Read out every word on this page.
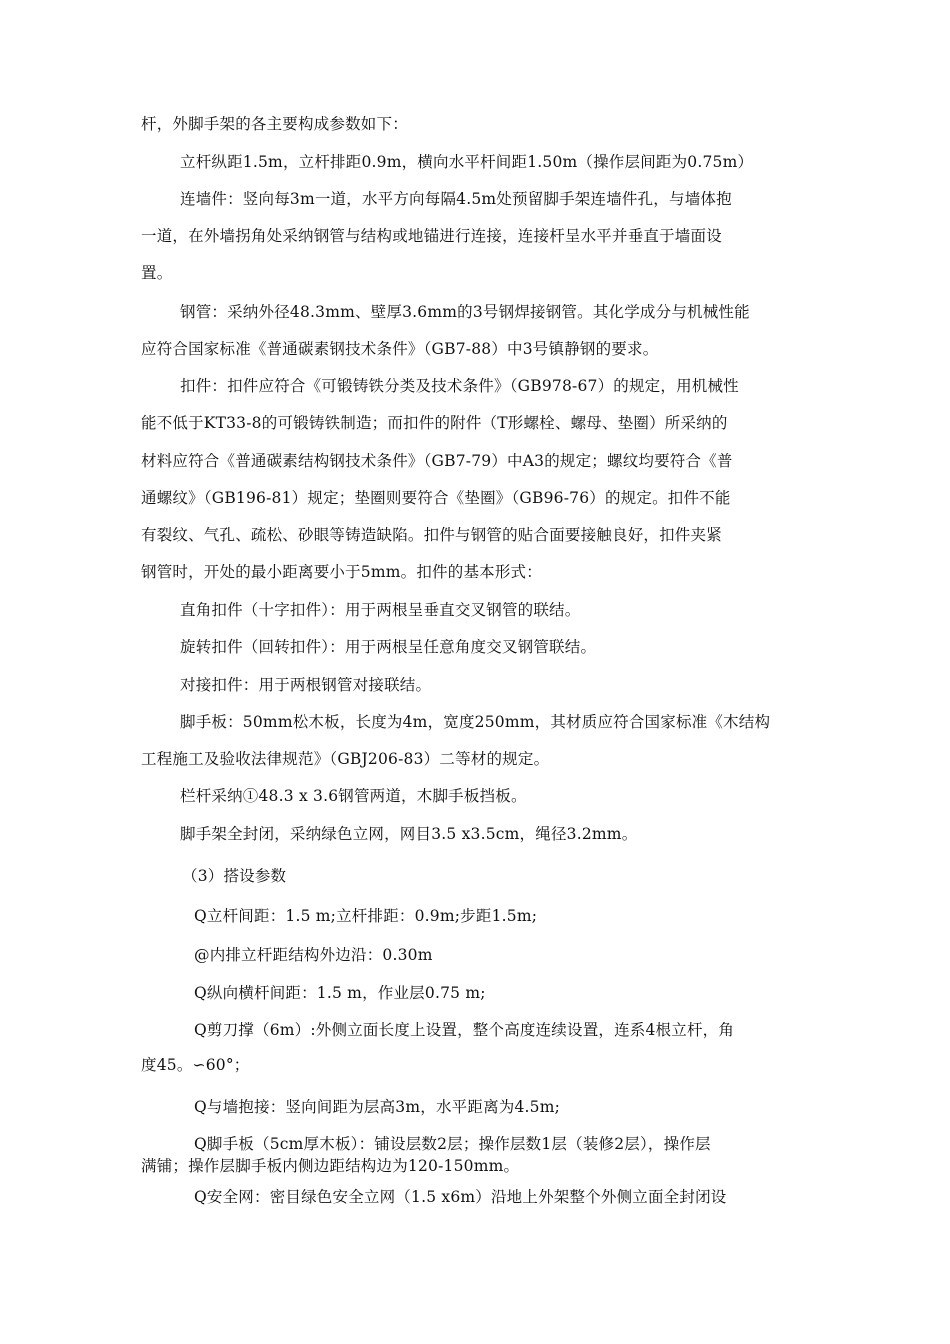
杆，外脚手架的各主要构成参数如下：
立杆纵距1.5m，立杆排距0.9m，横向水平杆间距1.50m（操作层间距为0.75m）
连墙件：竖向每3m一道，水平方向每隔4.5m处预留脚手架连墙件孔，与墙体抱
一道，在外墙拐角处采纳钢管与结构或地锚进行连接，连接杆呈水平并垂直于墙面设
置。
钢管：采纳外径48.3mm、壁厚3.6mm的3号钢焊接钢管。其化学成分与机械性能
应符合国家标准《普通碳素钢技术条件》（GB7-88）中3号镇静钢的要求。
扣件：扣件应符合《可锻铸铁分类及技术条件》（GB978-67）的规定，用机械性
能不低于KT33-8的可锻铸铁制造；而扣件的附件（T形螺栓、螺母、垫圈）所采纳的
材料应符合《普通碳素结构钢技术条件》（GB7-79）中A3的规定；螺纹均要符合《普
通螺纹》（GB196-81）规定；垫圈则要符合《垫圈》（GB96-76）的规定。扣件不能
有裂纹、气孔、疏松、砂眼等铸造缺陷。扣件与钢管的贴合面要接触良好，扣件夹紧
钢管时，开处的最小距离要小于5mm。扣件的基本形式：
直角扣件（十字扣件）：用于两根呈垂直交叉钢管的联结。
旋转扣件（回转扣件）：用于两根呈任意角度交叉钢管联结。
对接扣件：用于两根钢管对接联结。
脚手板：50mm松木板，长度为4m，宽度250mm，其材质应符合国家标准《木结构
工程施工及验收法律规范》（GBJ206-83）二等材的规定。
栏杆采纳①48.3 x 3.6钢管两道，木脚手板挡板。
脚手架全封闭，采纳绿色立网，网目3.5 x3.5cm，绳径3.2mm。
（3）搭设参数
Q立杆间距：1.5 m;立杆排距：0.9m;步距1.5m;
@内排立杆距结构外边沿：0.30m
Q纵向横杆间距：1.5 m，作业层0.75 m;
Q剪刀撑（6m）:外侧立面长度上设置，整个高度连续设置，连系4根立杆，角
度45。∽60°；
Q与墙抱接：竖向间距为层高3m，水平距离为4.5m;
Q脚手板（5cm厚木板）：铺设层数2层；操作层数1层（装修2层），操作层
满铺；操作层脚手板内侧边距结构边为120-150mm。
Q安全网：密目绿色安全立网（1.5 x6m）沿地上外架整个外侧立面全封闭设
